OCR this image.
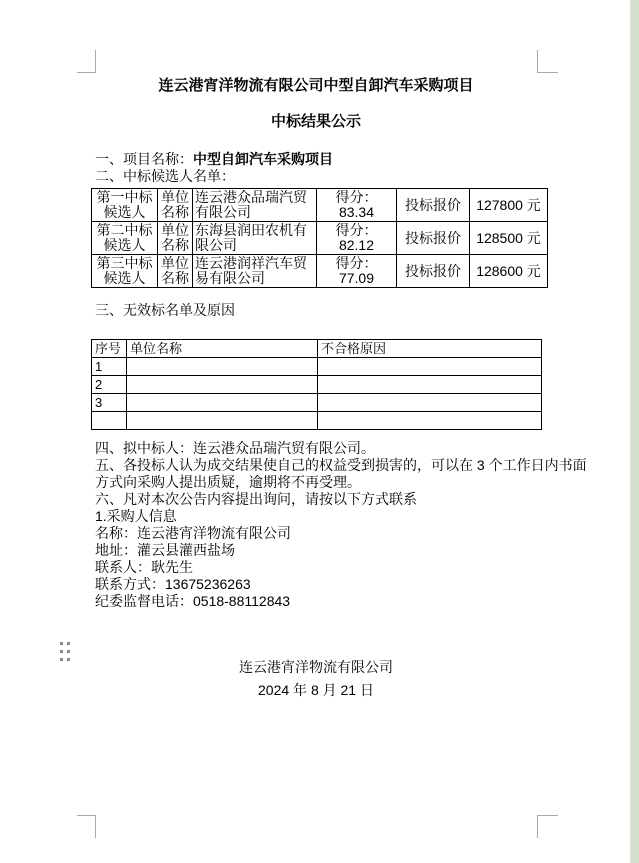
连云港宵洋物流有限公司中型自卸汽车采购项目
中标结果公示
一、项目名称：中型自卸汽车采购项目
二、中标候选人名单：
第一中标候选人	单位名称	连云港众品瑞汽贸有限公司	得分：83.34	投标报价	127800 元
第二中标候选人	单位名称	东海县润田农机有限公司	得分：82.12	投标报价	128500 元
第三中标候选人	单位名称	连云港润祥汽车贸易有限公司	得分：77.09	投标报价	128600 元
三、无效标名单及原因
序号	单位名称	不合格原因
1		
2		
3		

四、拟中标人：连云港众品瑞汽贸有限公司。
五、各投标人认为成交结果使自己的权益受到损害的，可以在 3 个工作日内书面
方式向采购人提出质疑，逾期将不再受理。
六、凡对本次公告内容提出询问，请按以下方式联系
1.采购人信息
名称：连云港宵洋物流有限公司
地址：灌云县灌西盐场
联系人：耿先生
联系方式：13675236263
纪委监督电话：0518-88112843
连云港宵洋物流有限公司
2024 年 8 月 21 日
